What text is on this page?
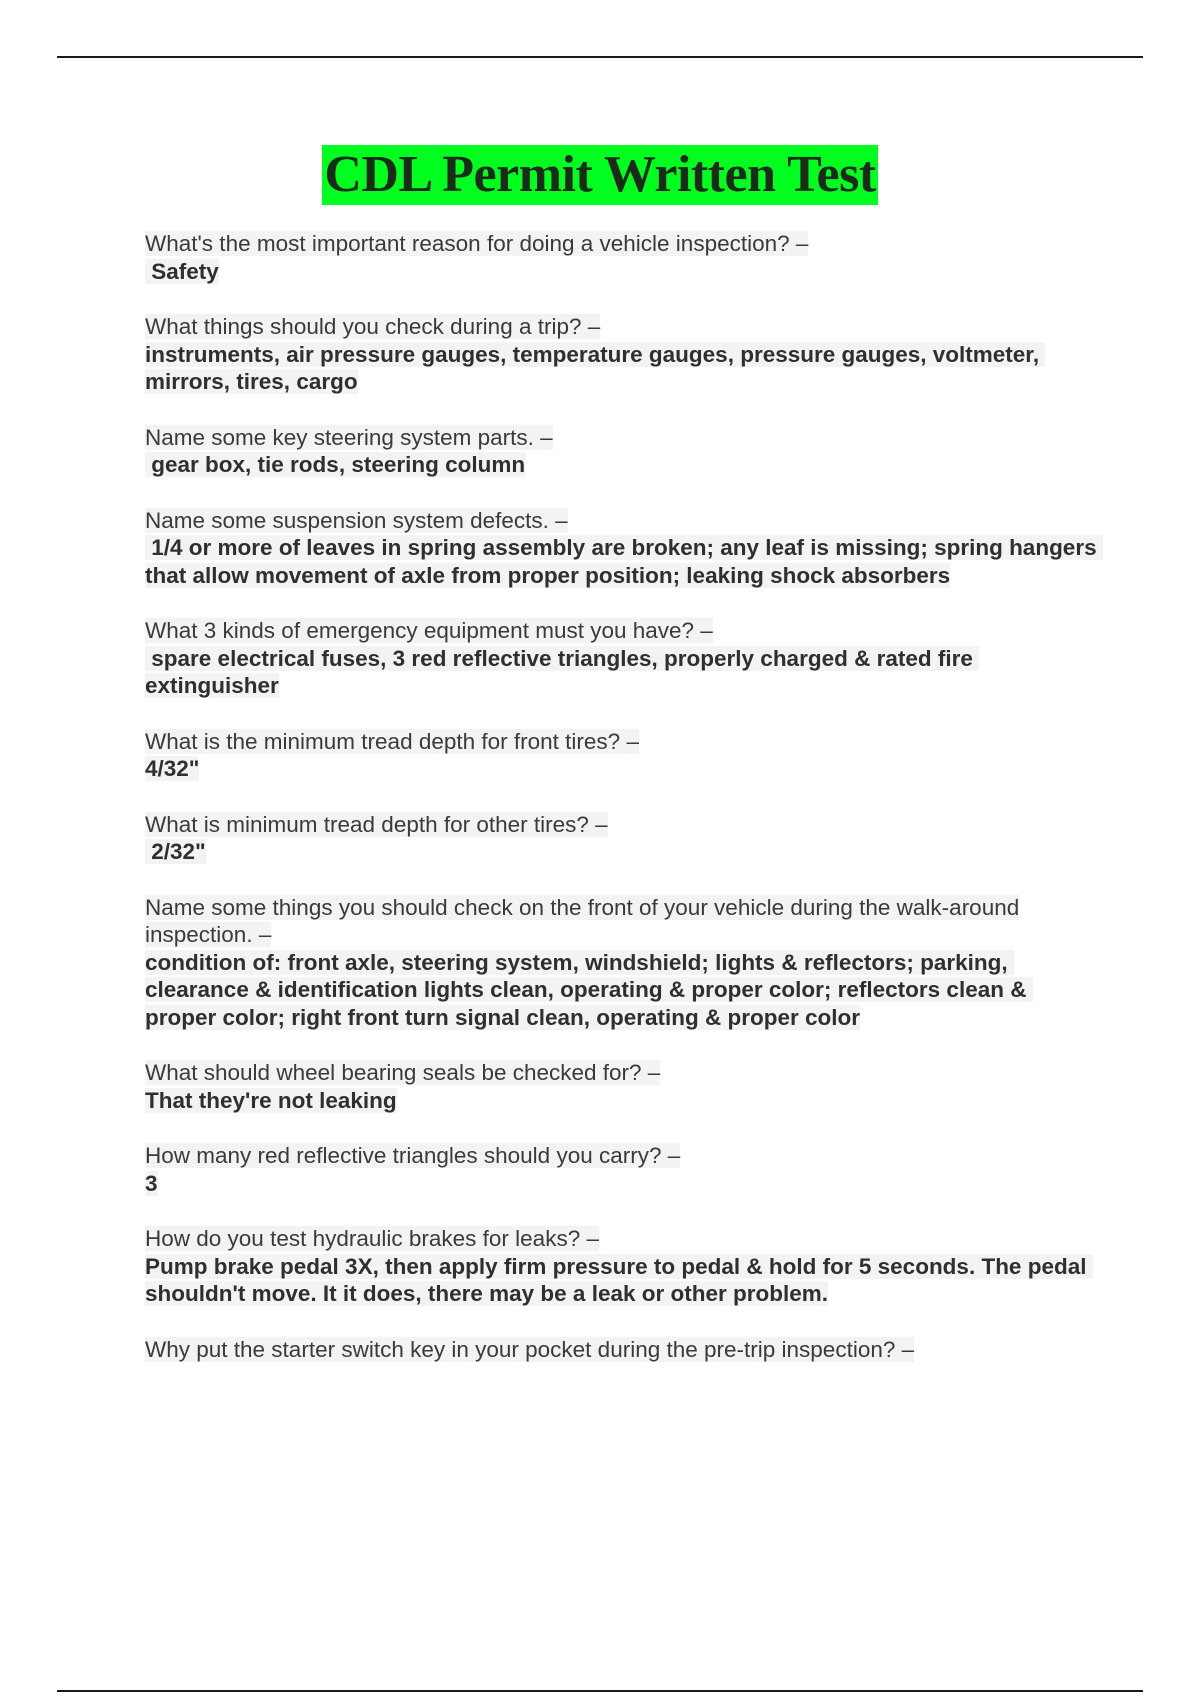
CDL Permit Written Test
What's the most important reason for doing a vehicle inspection? –
Safety
What things should you check during a trip? –
instruments, air pressure gauges, temperature gauges, pressure gauges, voltmeter, mirrors, tires, cargo
Name some key steering system parts. –
gear box, tie rods, steering column
Name some suspension system defects. –
1/4 or more of leaves in spring assembly are broken; any leaf is missing; spring hangers that allow movement of axle from proper position; leaking shock absorbers
What 3 kinds of emergency equipment must you have? –
spare electrical fuses, 3 red reflective triangles, properly charged & rated fire extinguisher
What is the minimum tread depth for front tires? –
4/32"
What is minimum tread depth for other tires? –
2/32"
Name some things you should check on the front of your vehicle during the walk-around inspection. –
condition of: front axle, steering system, windshield; lights & reflectors; parking, clearance & identification lights clean, operating & proper color; reflectors clean & proper color; right front turn signal clean, operating & proper color
What should wheel bearing seals be checked for? –
That they're not leaking
How many red reflective triangles should you carry? –
3
How do you test hydraulic brakes for leaks? –
Pump brake pedal 3X, then apply firm pressure to pedal & hold for 5 seconds. The pedal shouldn't move. It it does, there may be a leak or other problem.
Why put the starter switch key in your pocket during the pre-trip inspection? –
